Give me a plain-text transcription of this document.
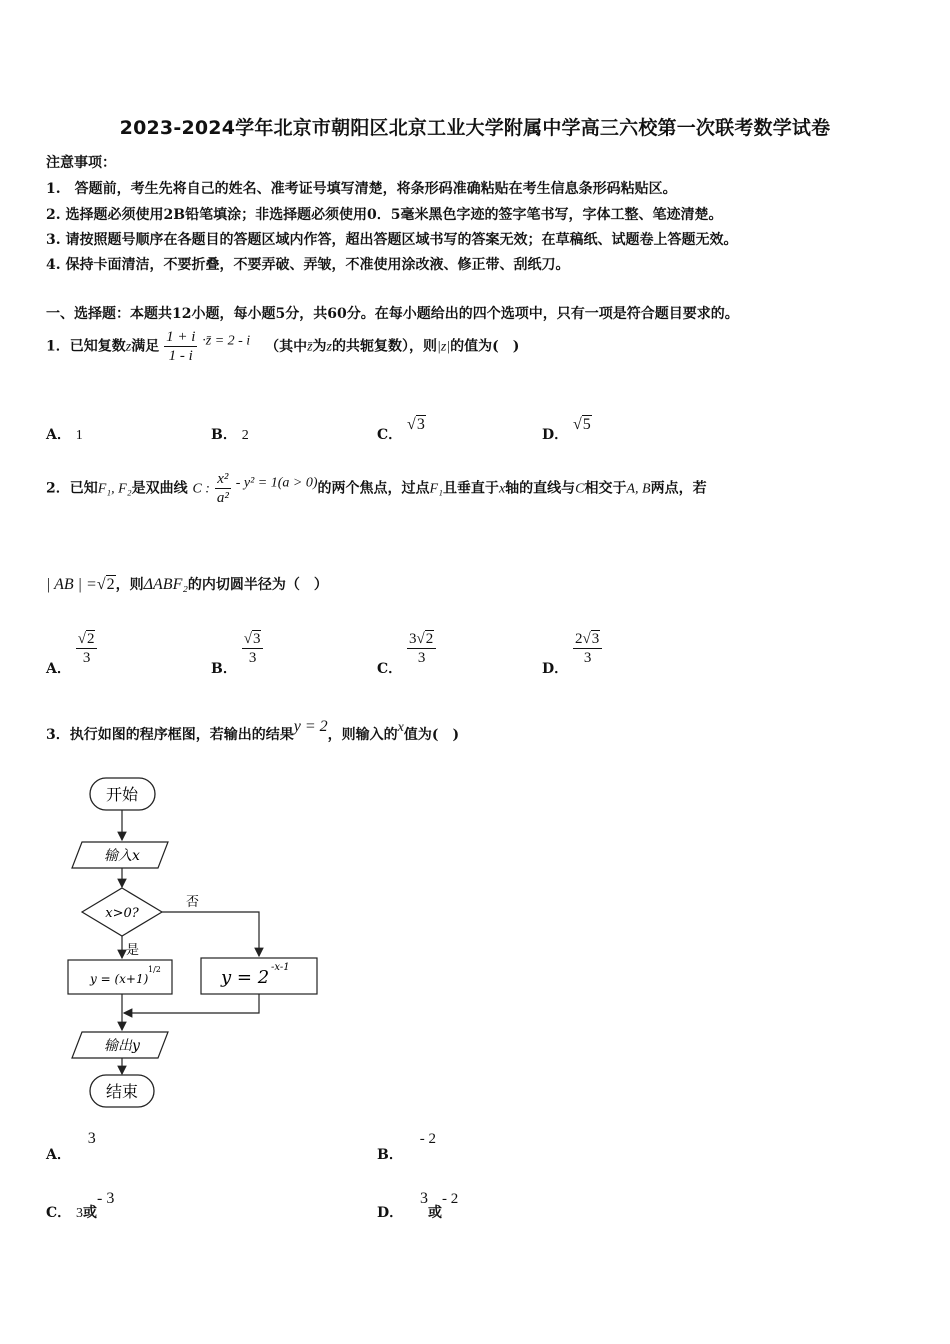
2023-2024学年北京市朝阳区北京工业大学附属中学高三六校第一次联考数学试卷
注意事项：
1.　答题前，考生先将自己的姓名、准考证号填写清楚，将条形码准确粘贴在考生信息条形码粘贴区。
2. 选择题必须使用2B铅笔填涂；非选择题必须使用0．5毫米黑色字迹的签字笔书写，字体工整、笔迹清楚。
3. 请按照题号顺序在各题目的答题区域内作答，超出答题区域书写的答案无效；在草稿纸、试题卷上答题无效。
4. 保持卡面清洁，不要折叠，不要弄破、弄皱，不准使用涂改液、修正带、刮纸刀。
一、选择题：本题共12小题，每小题5分，共60分。在每小题给出的四个选项中，只有一项是符合题目要求的。
1．已知复数z满足 $\frac{1 + i}{1 - i}$ ·z̄ = 2 - i （其中z̄为z的共轭复数），则|z|的值为(　)
A． 1	B． 2	C． √3
D． √5
2．已知F₁, F₂是双曲线 C : $\frac{\text{x²}}{\text{a²}} - y^2 = 1(a > 0)$的两个焦点，过点F₁且垂直于x轴的直线与C相交于A, B两点，若
| AB | =√2，则ΔABF₂的内切圆半径为（　）
A．
$\frac{√2}{3}$
B．
$\frac{√3}{3}$
C．
$\frac{3√2}{3}$
D．
$\frac{2√3}{3}$
3．执行如图的程序框图，若输出的结果y = 2，则输入的x值为(　)
开始
输入x
x>0?
否
是
y = (x+1)
1/2	y = 2 -x-1
输出y
结束
A． 3
B． - 2
C． 3或- 3
D． 3或- 2
